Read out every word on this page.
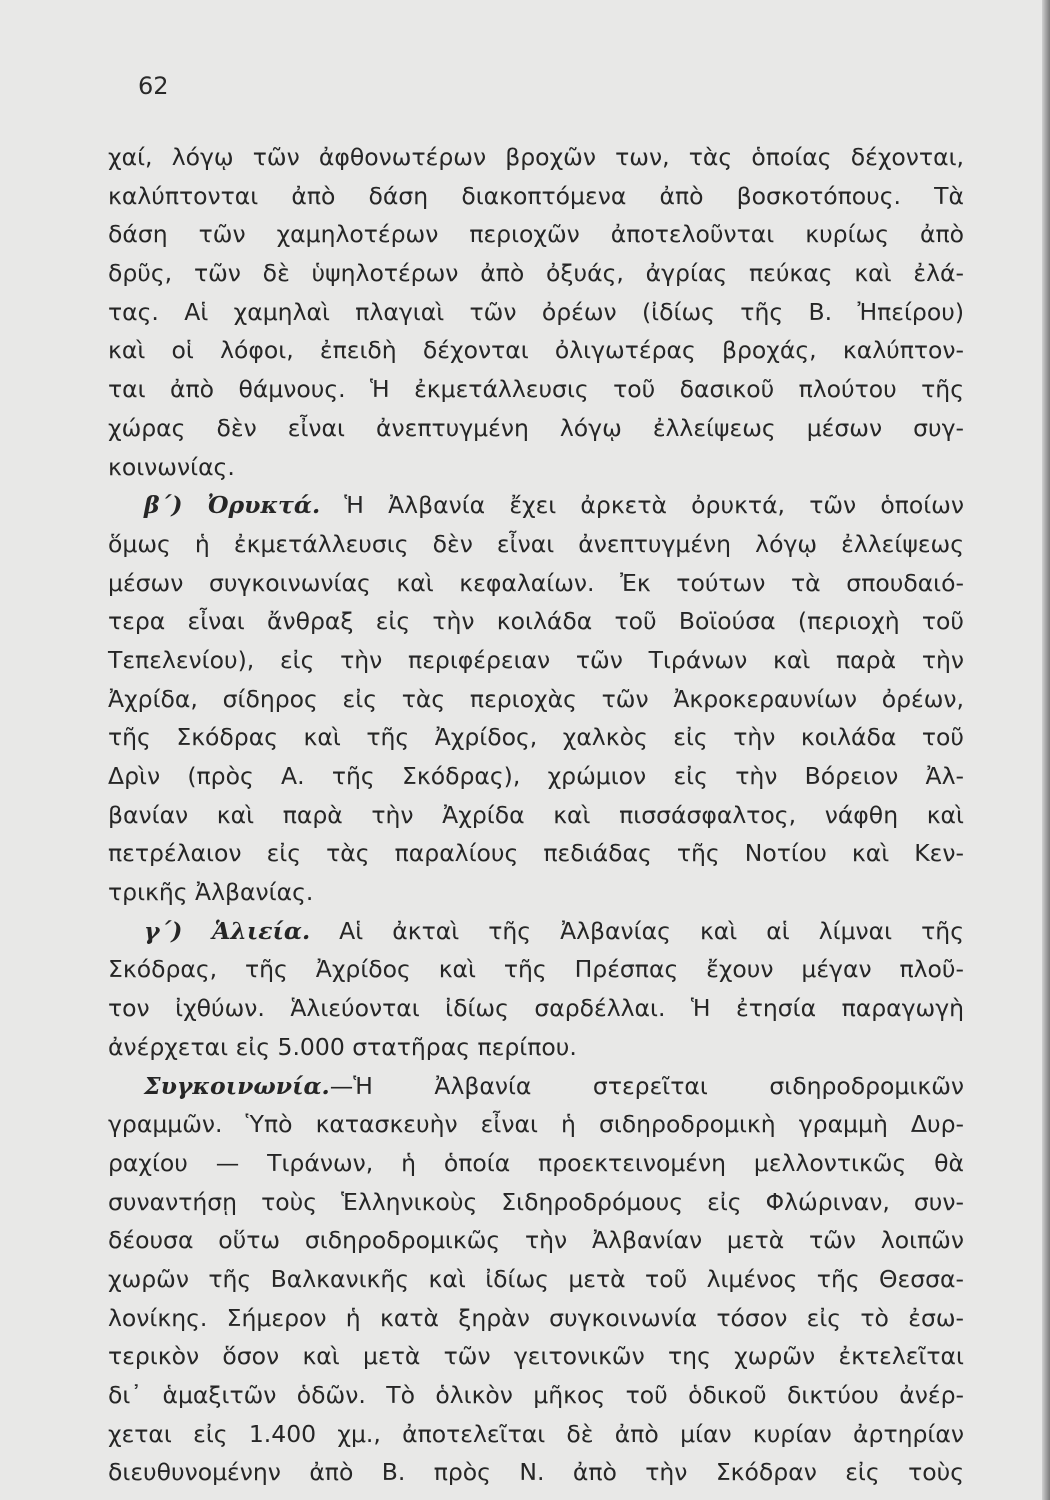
62
χαί, λόγῳ τῶν ἀφθονωτέρων βροχῶν των, τὰς ὁποίας δέχονται,
καλύπτονται ἀπὸ δάση διακοπτόμενα ἀπὸ βοσκοτόπους. Τὰ
δάση τῶν χαμηλοτέρων περιοχῶν ἀποτελοῦνται κυρίως ἀπὸ
δρῦς, τῶν δὲ ὑψηλοτέρων ἀπὸ ὀξυάς, ἀγρίας πεύκας καὶ ἐλά-
τας. Αἱ χαμηλαὶ πλαγιαὶ τῶν ὀρέων (ἰδίως τῆς Β. Ἠπείρου)
καὶ οἱ λόφοι, ἐπειδὴ δέχονται ὀλιγωτέρας βροχάς, καλύπτον-
ται ἀπὸ θάμνους. Ἡ ἐκμετάλλευσις τοῦ δασικοῦ πλούτου τῆς
χώρας δὲν εἶναι ἀνεπτυγμένη λόγῳ ἐλλείψεως μέσων συγ-
κοινωνίας.
β΄) Ὀρυκτά. Ἡ Ἀλβανία ἔχει ἀρκετὰ ὀρυκτά, τῶν ὁποίων
ὅμως ἡ ἐκμετάλλευσις δὲν εἶναι ἀνεπτυγμένη λόγῳ ἐλλείψεως
μέσων συγκοινωνίας καὶ κεφαλαίων. Ἐκ τούτων τὰ σπουδαιό-
τερα εἶναι ἄνθραξ εἰς τὴν κοιλάδα τοῦ Βοϊούσα (περιοχὴ τοῦ
Τεπελενίου), εἰς τὴν περιφέρειαν τῶν Τιράνων καὶ παρὰ τὴν
Ἀχρίδα, σίδηρος εἰς τὰς περιοχὰς τῶν Ἀκροκεραυνίων ὀρέων,
τῆς Σκόδρας καὶ τῆς Ἀχρίδος, χαλκὸς εἰς τὴν κοιλάδα τοῦ
Δρὶν (πρὸς Α. τῆς Σκόδρας), χρώμιον εἰς τὴν Βόρειον Ἀλ-
βανίαν καὶ παρὰ τὴν Ἀχρίδα καὶ πισσάσφαλτος, νάφθη καὶ
πετρέλαιον εἰς τὰς παραλίους πεδιάδας τῆς Νοτίου καὶ Κεν-
τρικῆς Ἀλβανίας.
γ΄) Ἁλιεία. Αἱ ἀκταὶ τῆς Ἀλβανίας καὶ αἱ λίμναι τῆς
Σκόδρας, τῆς Ἀχρίδος καὶ τῆς Πρέσπας ἔχουν μέγαν πλοῦ-
τον ἰχθύων. Ἁλιεύονται ἰδίως σαρδέλλαι. Ἡ ἐτησία παραγωγὴ
ἀνέρχεται εἰς 5.000 στατῆρας περίπου.
Συγκοινωνία.—Ἡ Ἀλβανία στερεῖται σιδηροδρομικῶν
γραμμῶν. Ὑπὸ κατασκευὴν εἶναι ἡ σιδηροδρομικὴ γραμμὴ Δυρ-
ραχίου — Τιράνων, ἡ ὁποία προεκτεινομένη μελλοντικῶς θὰ
συναντήσῃ τοὺς Ἑλληνικοὺς Σιδηροδρόμους εἰς Φλώριναν, συν-
δέουσα οὕτω σιδηροδρομικῶς τὴν Ἀλβανίαν μετὰ τῶν λοιπῶν
χωρῶν τῆς Βαλκανικῆς καὶ ἰδίως μετὰ τοῦ λιμένος τῆς Θεσσα-
λονίκης. Σήμερον ἡ κατὰ ξηρὰν συγκοινωνία τόσον εἰς τὸ ἐσω-
τερικὸν ὅσον καὶ μετὰ τῶν γειτονικῶν της χωρῶν ἐκτελεῖται
δι᾽ ἁμαξιτῶν ὁδῶν. Τὸ ὁλικὸν μῆκος τοῦ ὁδικοῦ δικτύου ἀνέρ-
χεται εἰς 1.400 χμ., ἀποτελεῖται δὲ ἀπὸ μίαν κυρίαν ἀρτηρίαν
διευθυνομένην ἀπὸ Β. πρὸς Ν. ἀπὸ τὴν Σκόδραν εἰς τοὺς
